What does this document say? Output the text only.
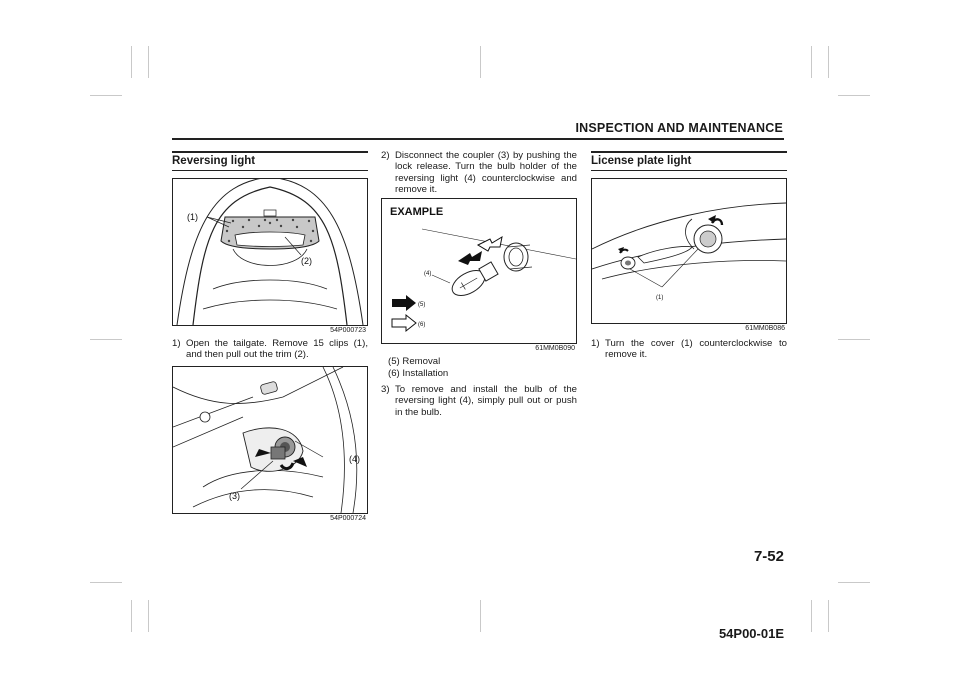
INSPECTION AND MAINTENANCE
Reversing light
(1)
(2)
54P000723
1) Open the tailgate. Remove 15 clips (1), and then pull out the trim (2).
(4)
(3)
54P000724
2) Disconnect the coupler (3) by pushing the lock release. Turn the bulb holder of the reversing light (4) counterclockwise and remove it.
EXAMPLE
(4)
(5)
(6)
61MM0B090
(5) Removal
(6) Installation
3) To remove and install the bulb of the reversing light (4), simply pull out or push in the bulb.
License plate light
(1)
61MM0B086
1) Turn the cover (1) counterclockwise to remove it.
7-52
54P00-01E
